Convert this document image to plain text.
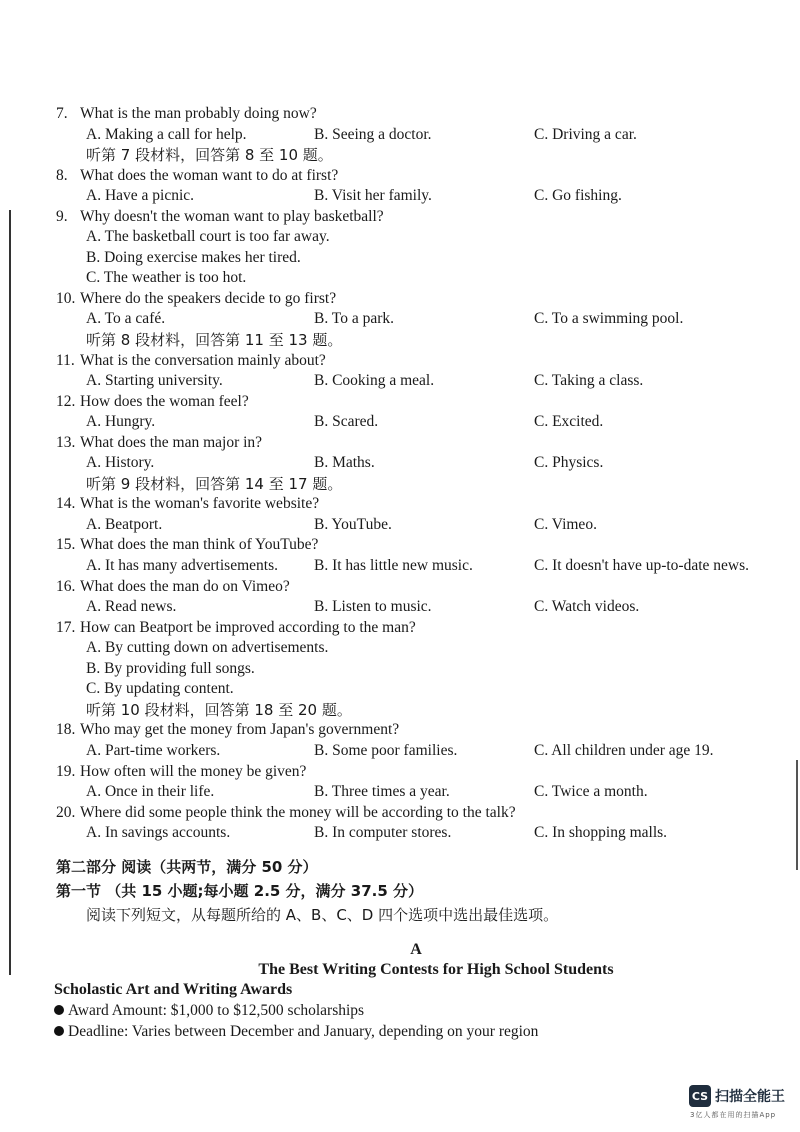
7. What is the man probably doing now?
A. Making a call for help.	B. Seeing a doctor.	C. Driving a car.
听第 7 段材料，回答第 8 至 10 题。
8. What does the woman want to do at first?
A. Have a picnic.	B. Visit her family.	C. Go fishing.
9. Why doesn't the woman want to play basketball?
A. The basketball court is too far away.
B. Doing exercise makes her tired.
C. The weather is too hot.
10. Where do the speakers decide to go first?
A. To a café.	B. To a park.	C. To a swimming pool.
听第 8 段材料，回答第 11 至 13 题。
11. What is the conversation mainly about?
A. Starting university.	B. Cooking a meal.	C. Taking a class.
12. How does the woman feel?
A. Hungry.	B. Scared.	C. Excited.
13. What does the man major in?
A. History.	B. Maths.	C. Physics.
听第 9 段材料，回答第 14 至 17 题。
14. What is the woman's favorite website?
A. Beatport.	B. YouTube.	C. Vimeo.
15. What does the man think of YouTube?
A. It has many advertisements. B. It has little new music.	C. It doesn't have up-to-date news.
16. What does the man do on Vimeo?
A. Read news.	B. Listen to music.	C. Watch videos.
17. How can Beatport be improved according to the man?
A. By cutting down on advertisements.
B. By providing full songs.
C. By updating content.
听第 10 段材料，回答第 18 至 20 题。
18. Who may get the money from Japan's government?
A. Part-time workers.	B. Some poor families.	C. All children under age 19.
19. How often will the money be given?
A. Once in their life.	B. Three times a year.	C. Twice a month.
20. Where did some people think the money will be according to the talk?
A. In savings accounts.	B. In computer stores.	C. In shopping malls.
第二部分 阅读（共两节，满分 50 分）
第一节 （共 15 小题;每小题 2.5 分，满分 37.5 分）
阅读下列短文，从每题所给的 A、B、C、D 四个选项中选出最佳选项。
A
The Best Writing Contests for High School Students
Scholastic Art and Writing Awards
Award Amount: $1,000 to $12,500 scholarships
Deadline: Varies between December and January, depending on your region
CS 扫描全能王
3亿人都在用的扫描App
